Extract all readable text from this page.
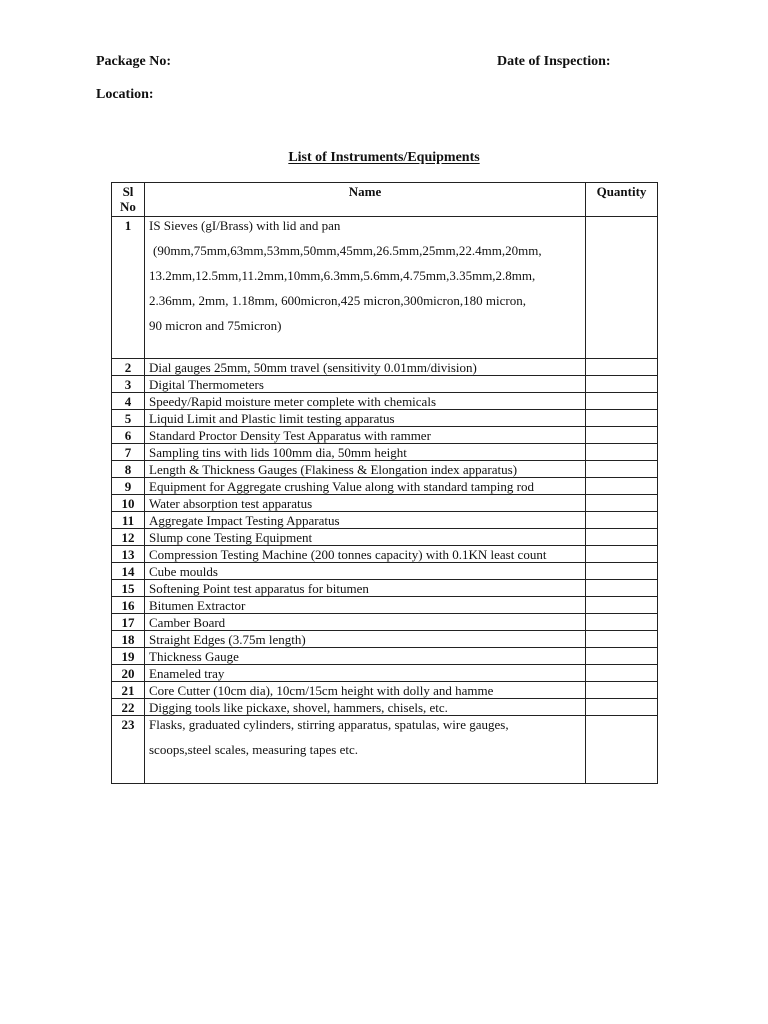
Package No:	Date of Inspection:
Location:
List of Instruments/Equipments
Sl
No	Name	Quantity
1	IS Sieves (gI/Brass) with lid and pan
(90mm,75mm,63mm,53mm,50mm,45mm,26.5mm,25mm,22.4mm,20mm,
13.2mm,12.5mm,11.2mm,10mm,6.3mm,5.6mm,4.75mm,3.35mm,2.8mm,
2.36mm, 2mm, 1.18mm, 600micron,425 micron,300micron,180 micron,
90 micron and 75micron)	

2	Dial gauges 25mm, 50mm travel (sensitivity 0.01mm/division)	
3	Digital Thermometers	
4	Speedy/Rapid moisture meter complete with chemicals	
5	Liquid Limit and Plastic limit testing apparatus	
6	Standard Proctor Density Test Apparatus with rammer	
7	Sampling tins with lids 100mm dia, 50mm height	
8	Length & Thickness Gauges (Flakiness & Elongation index apparatus)	
9	Equipment for Aggregate crushing Value along with standard tamping rod	
10	Water absorption test apparatus	
11	Aggregate Impact Testing Apparatus	
12	Slump cone Testing Equipment	
13	Compression Testing Machine (200 tonnes capacity) with 0.1KN least count	
14	Cube moulds	
15	Softening Point test apparatus for bitumen	
16	Bitumen Extractor	
17	Camber Board	
18	Straight Edges (3.75m length)	
19	Thickness Gauge	
20	Enameled tray	
21	Core Cutter (10cm dia), 10cm/15cm height with dolly and hamme	
22	Digging tools like pickaxe, shovel, hammers, chisels, etc.	
23	Flasks, graduated cylinders, stirring apparatus, spatulas, wire gauges,
scoops,steel scales, measuring tapes etc.	
